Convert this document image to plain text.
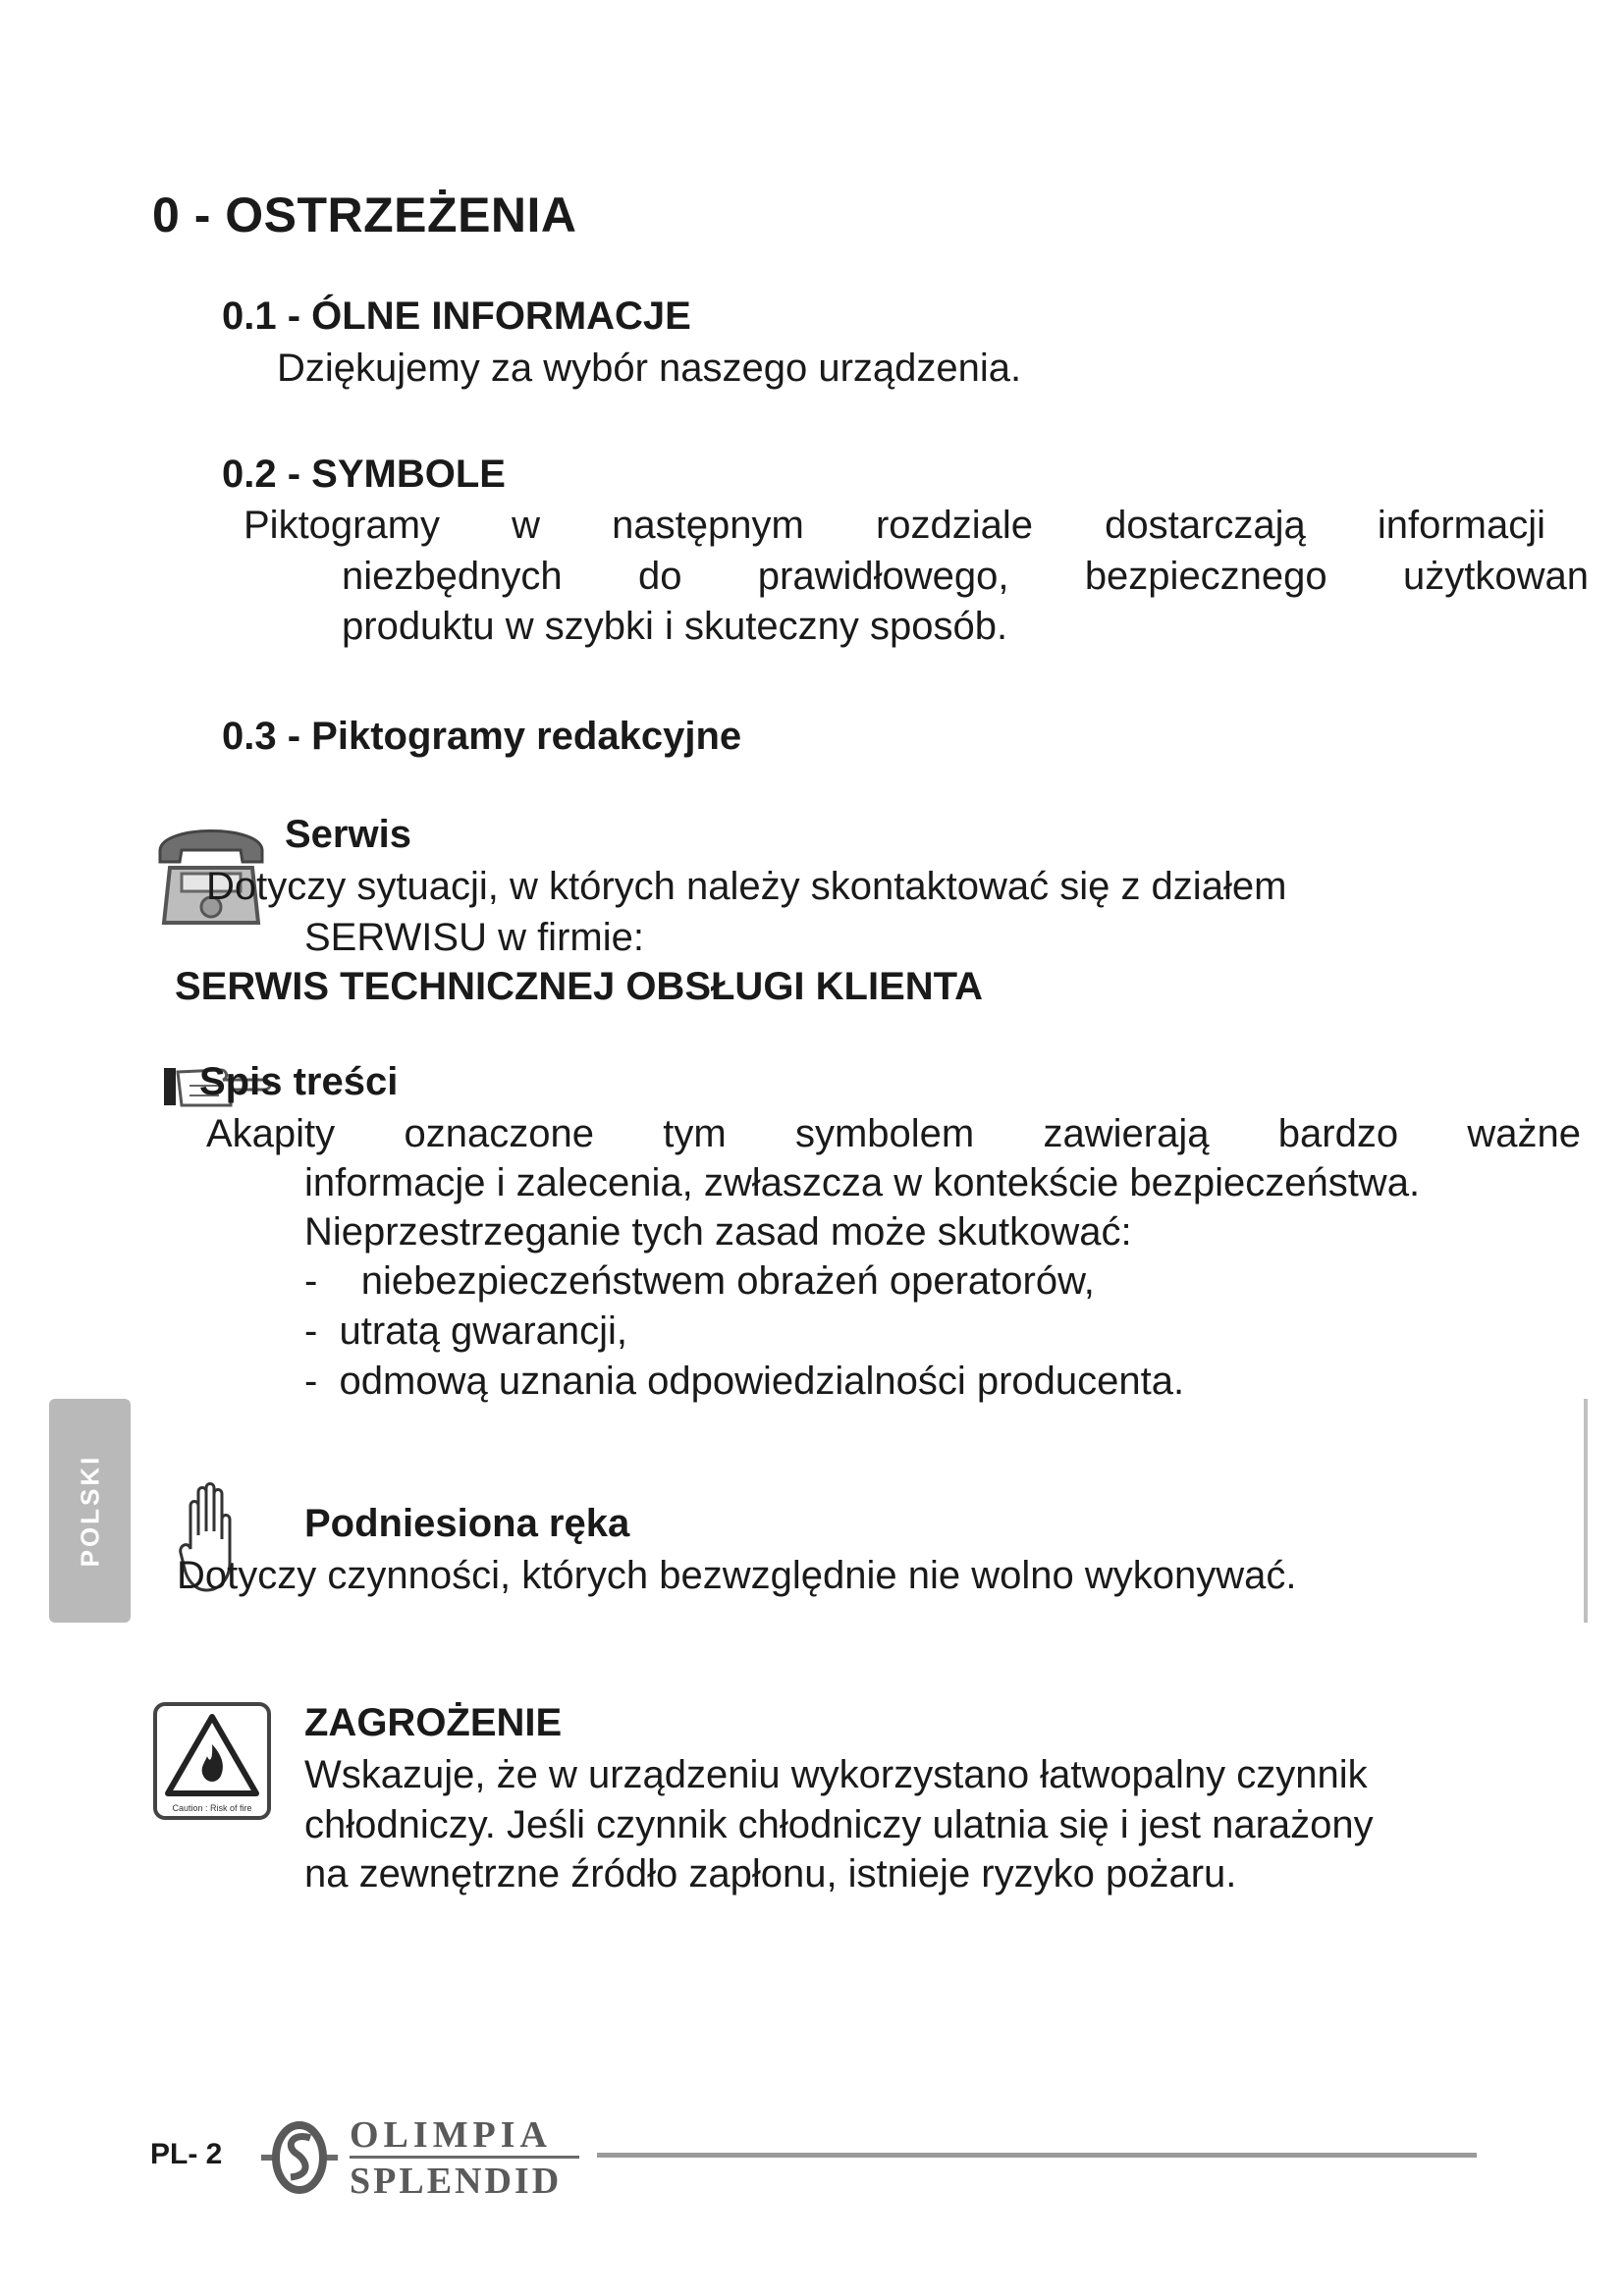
0 - OSTRZEŻENIA
0.1 - ÓLNE INFORMACJE
Dziękujemy za wybór naszego urządzenia.
0.2 - SYMBOLE
Piktogramy w następnym rozdziale dostarczają informacji
niezbędnych do prawidłowego, bezpiecznego użytkowan
produktu w szybki i skuteczny sposób.
0.3 - Piktogramy redakcyjne
Serwis
Dotyczy sytuacji, w których należy skontaktować się z działem
SERWISU w firmie:
SERWIS TECHNICZNEJ OBSŁUGI KLIENTA
Spis treści
Akapity oznaczone tym symbolem zawierają bardzo ważne
informacje i zalecenia, zwłaszcza w kontekście bezpieczeństwa.
Nieprzestrzeganie tych zasad może skutkować:
-    niebezpieczeństwem obrażeń operatorów,
-  utratą gwarancji,
-  odmową uznania odpowiedzialności producenta.
POLSKI	Podniesiona ręka
Dotyczy czynności, których bezwzględnie nie wolno wykonywać.
Caution : Risk of fire
ZAGROŻENIE
Wskazuje, że w urządzeniu wykorzystano łatwopalny czynnik
chłodniczy. Jeśli czynnik chłodniczy ulatnia się i jest narażony
na zewnętrzne źródło zapłonu, istnieje ryzyko pożaru.
PL- 2	OLIMPIA
SPLENDID
